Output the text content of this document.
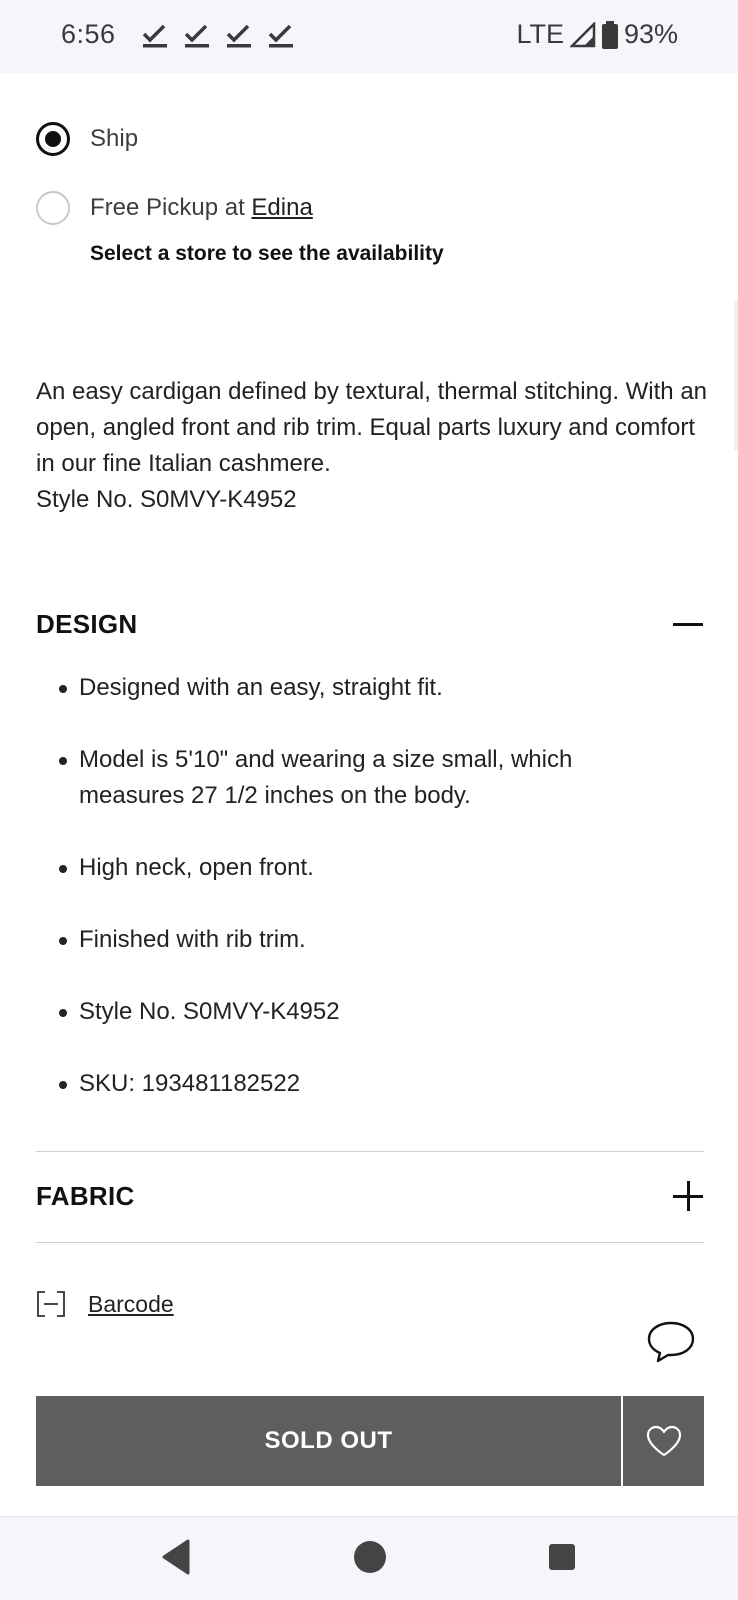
6:56	LTE 93%
Ship
Free Pickup at Edina
Select a store to see the availability
An easy cardigan defined by textural, thermal stitching. With an open, angled front and rib trim. Equal parts luxury and comfort in our fine Italian cashmere.
Style No. S0MVY-K4952
DESIGN
Designed with an easy, straight fit.
Model is 5'10" and wearing a size small, which measures 27 1/2 inches on the body.
High neck, open front.
Finished with rib trim.
Style No. S0MVY-K4952
SKU: 193481182522
FABRIC
Barcode
SOLD OUT
